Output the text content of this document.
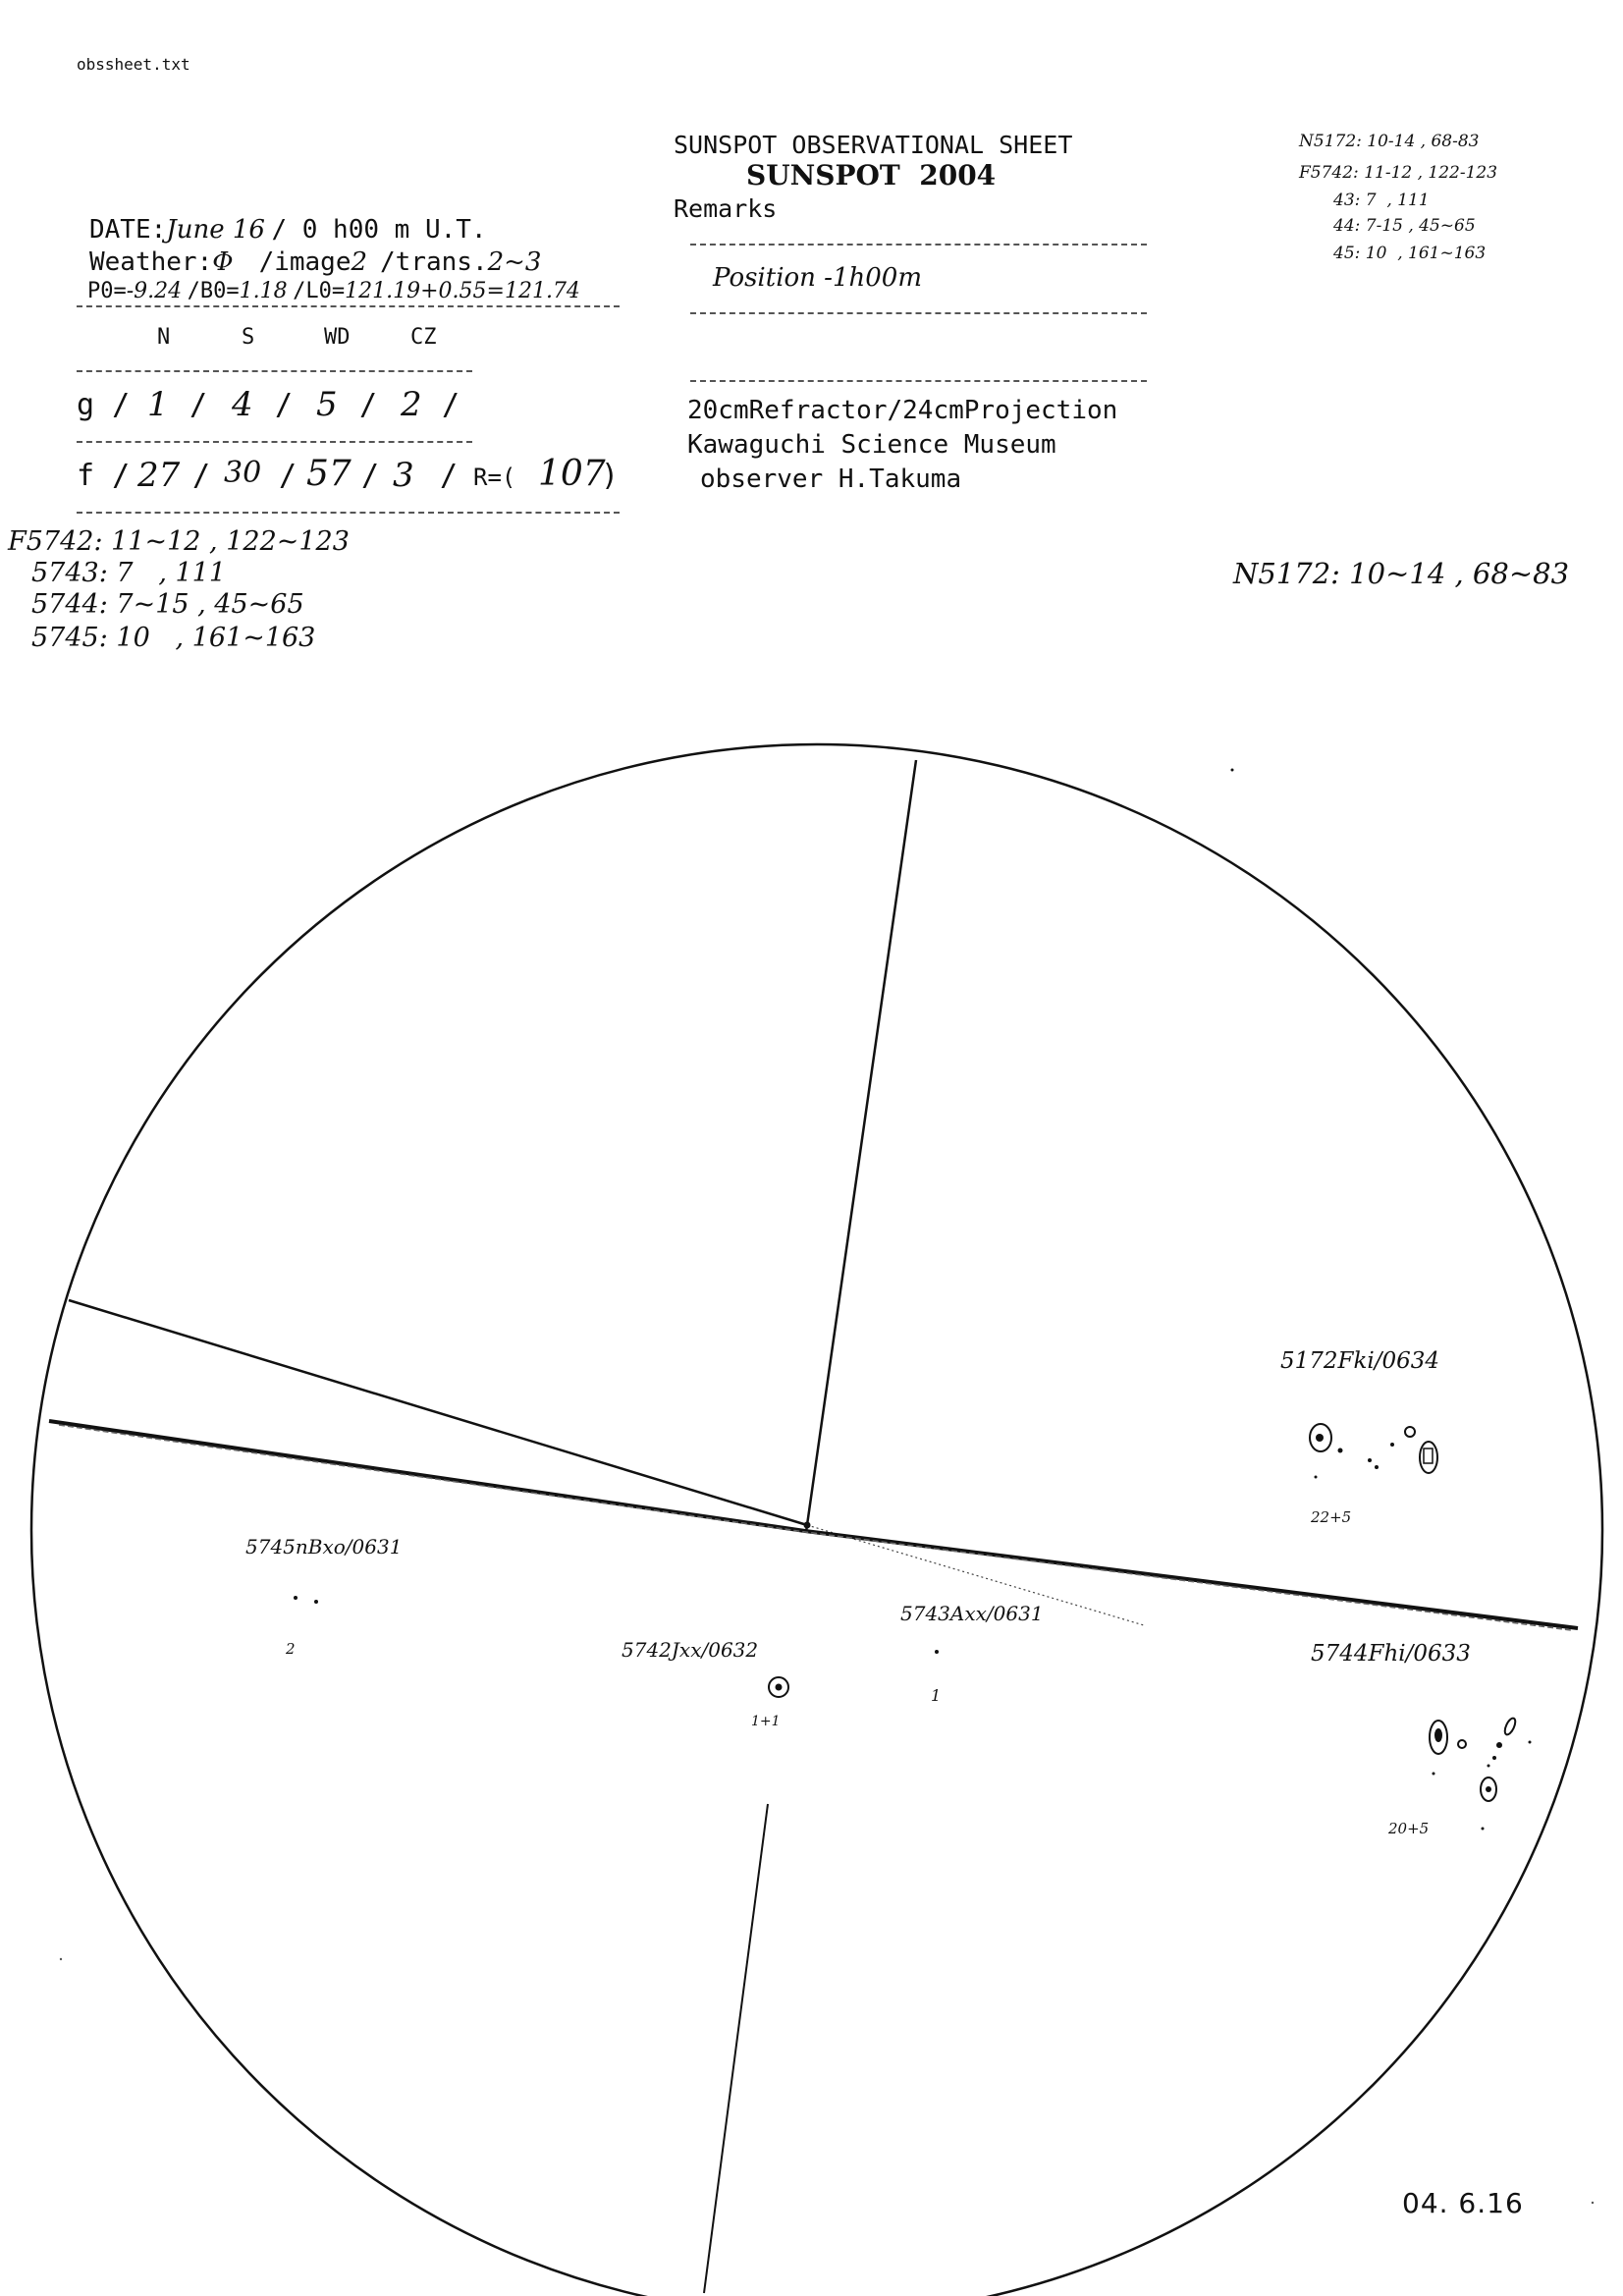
obssheet.txt
SUNSPOT OBSERVATIONAL SHEET
SUNSPOT  2004
Remarks
Position -1h00m
20cmRefractor/24cmProjection
Kawaguchi Science Museum
observer H.Takuma

DATE:June 16 / 0 h00 m U.T.

Weather:Φ /image2 /trans.2~3

P0=-9.24 /B0=1.18 /L0=121.19+0.55=121.74

N	S	WD	CZ
g / 1 / 4 / 5 / 2 /
f / 27 / 30 / 57 / 3 / R=( 107
)
F5742: 11~12 , 122~123
5743: 7   , 111
5744: 7~15 , 45~65
5745: 10   , 161~163
N5172: 10-14 , 68-83
F5742: 11-12 , 122-123
43: 7  , 111
44: 7-15 , 45~65
45: 10  , 161~163
N5172: 10~14 , 68~83
5172Fki/0634
22+5
5745nBxo/0631
2	5742Jxx/0632
1+1
5743Axx/0631
1
5744Fhi/0633
20+5
04. 6.16
